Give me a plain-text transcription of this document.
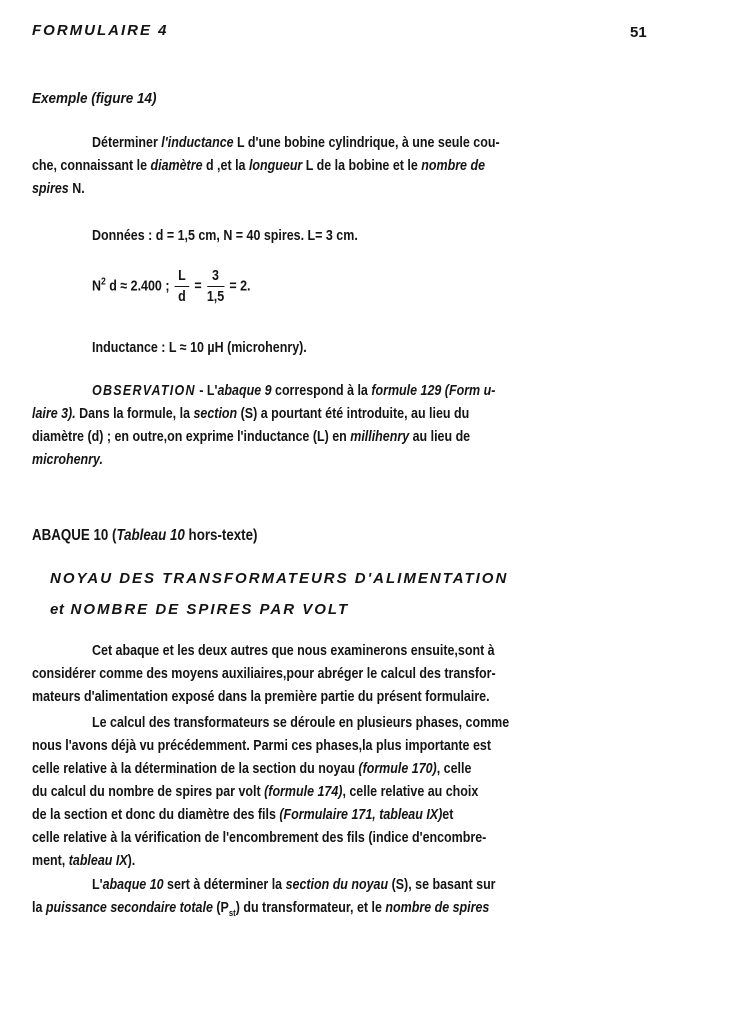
FORMULAIRE 4	51
Exemple (figure 14)
Déterminer l'inductance L d'une bobine cylindrique, à une seule cou-
che, connaissant le diamètre d ,et la longueur L de la bobine et le nombre de
spires N.
Données : d = 1,5 cm, N = 40 spires. L= 3 cm.
$N^2$ d ≈ 2.400 ; $\frac{L}{d} = \frac{3}{1,5} = 2$.
Inductance : L ≈ 10 µH (microhenry).
OBSERVATION - L'abaque 9 correspond à la formule 129 (Form u-
laire 3). Dans la formule, la section (S) a pourtant été introduite, au lieu du
diamètre (d) ; en outre,on exprime l'inductance (L) en millihenry au lieu de
microhenry.
ABAQUE 10 (Tableau 10 hors-texte)
NOYAU DES TRANSFORMATEURS D'ALIMENTATION
et NOMBRE DE SPIRES PAR VOLT
Cet abaque et les deux autres que nous examinerons ensuite,sont à
considérer comme des moyens auxiliaires,pour abréger le calcul des transfor-
mateurs d'alimentation exposé dans la première partie du présent formulaire.
Le calcul des transformateurs se déroule en plusieurs phases, comme
nous l'avons déjà vu précédemment. Parmi ces phases,la plus importante est
celle relative à la détermination de la section du noyau (formule 170), celle
du calcul du nombre de spires par volt (formule 174), celle relative au choix
de la section et donc du diamètre des fils (Formulaire 171, tableau IX)et
celle relative à la vérification de l'encombrement des fils (indice d'encombre-
ment, tableau IX).
L'abaque 10 sert à déterminer la section du noyau (S), se basant sur
la puissance secondaire totale $(P_{st})$ du transformateur, et le nombre de spires
